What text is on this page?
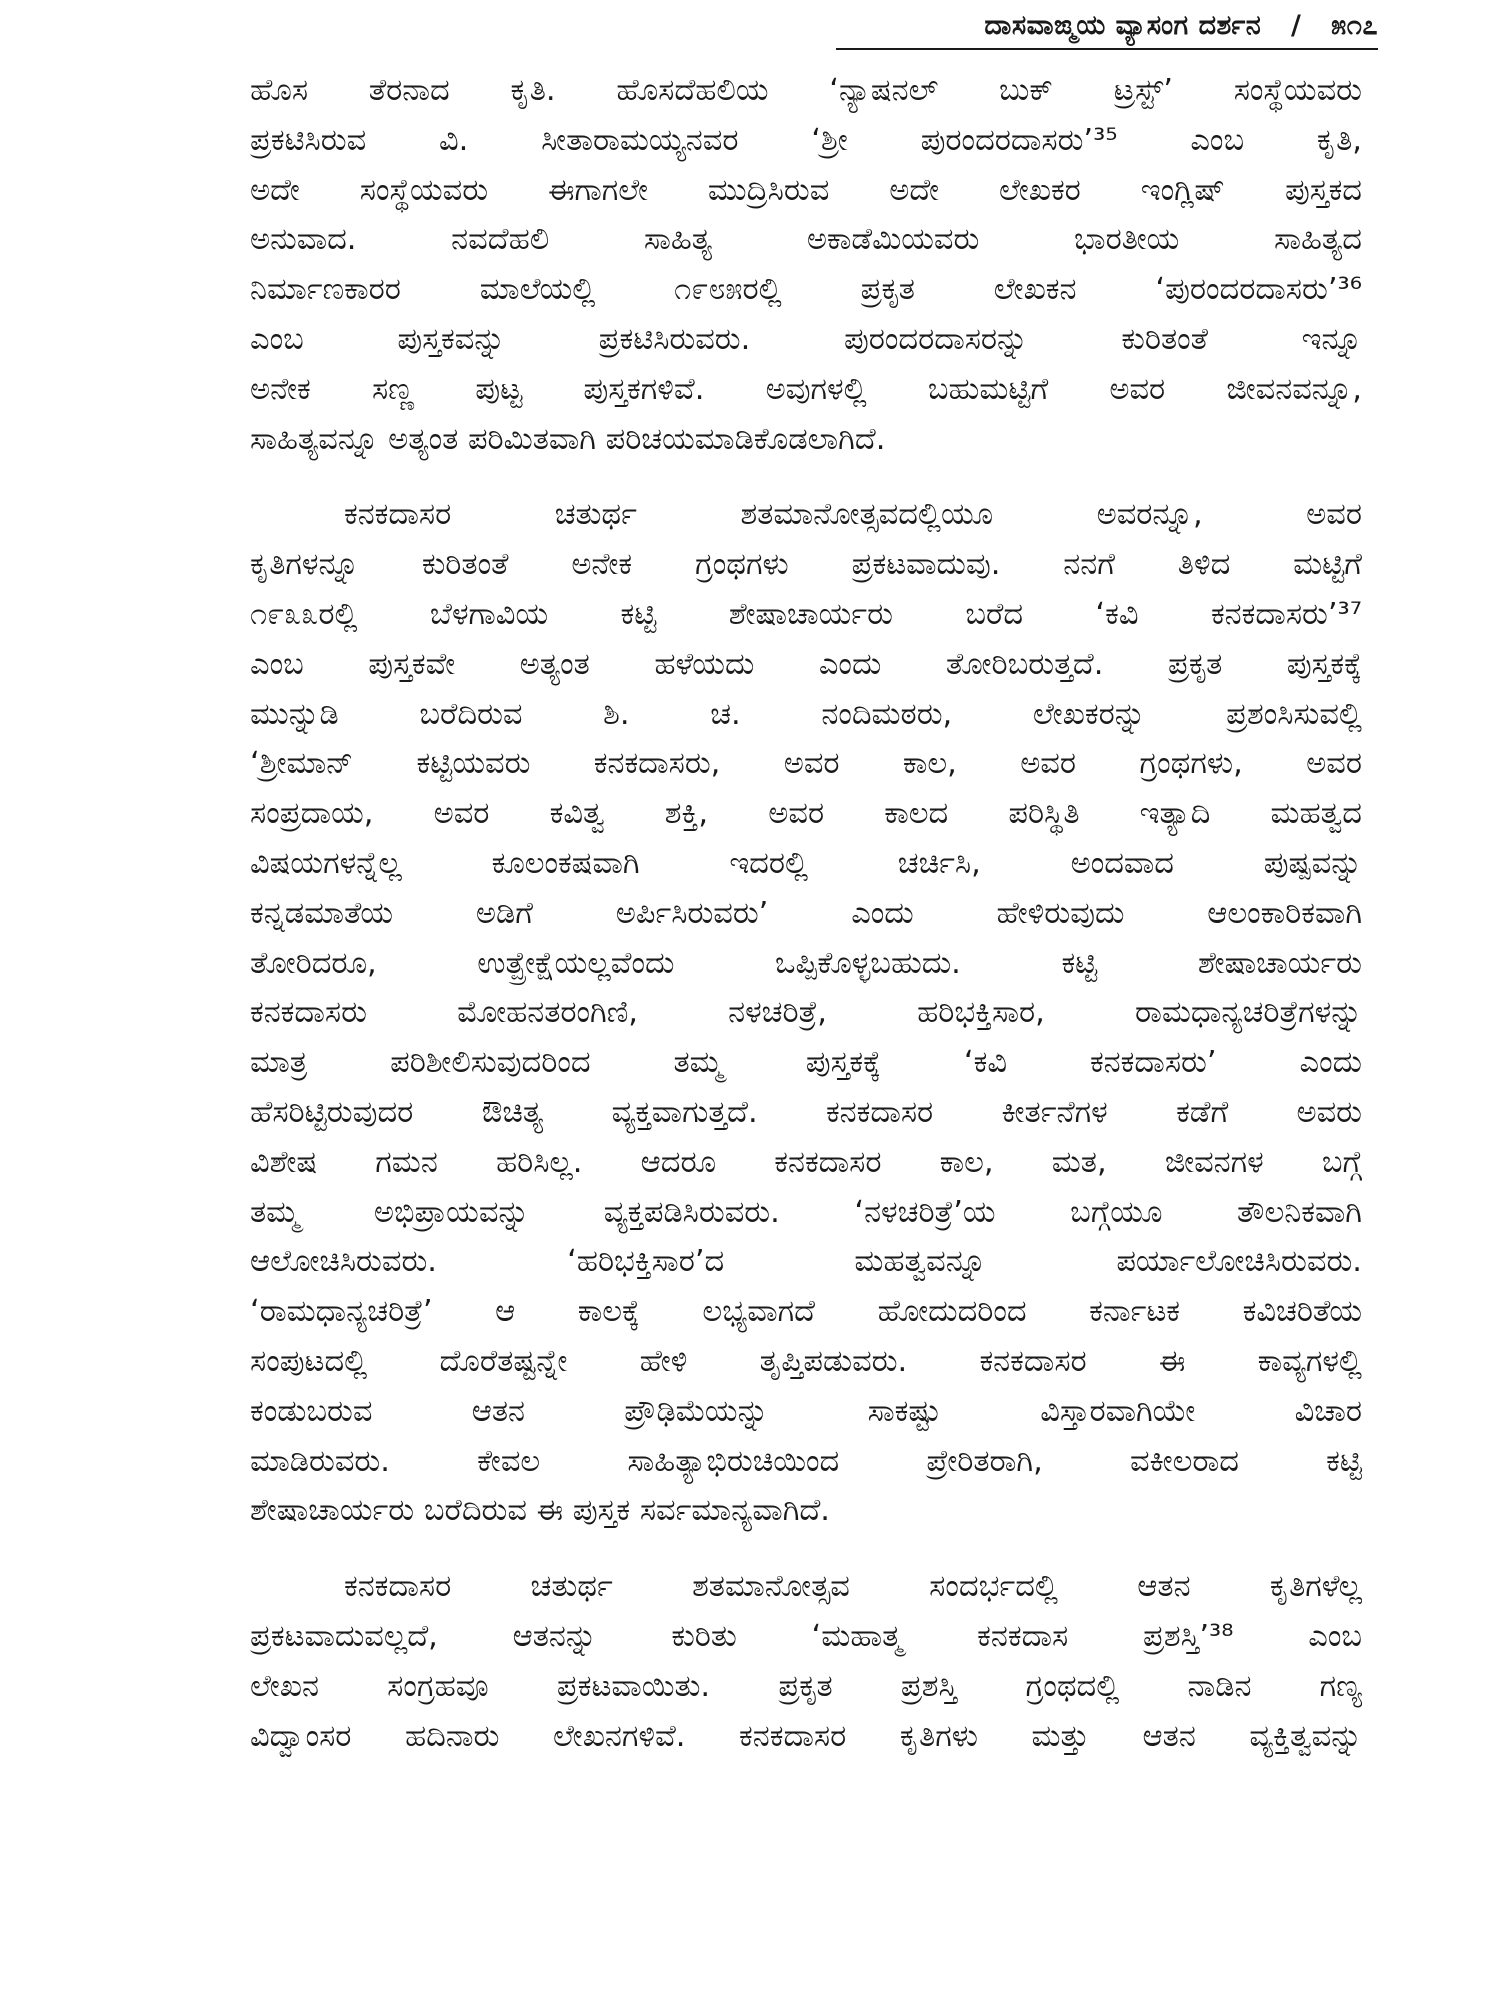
ದಾಸವಾಙ್ಮಯ ವ್ಯಾಸಂಗ ದರ್ಶನ / ೫೧೭
ಹೊಸ ತೆರನಾದ ಕೃತಿ. ಹೊಸದೆಹಲಿಯ ‘ನ್ಯಾಷನಲ್ ಬುಕ್ ಟ್ರಸ್ಟ್’ ಸಂಸ್ಥೆಯವರು
ಪ್ರಕಟಿಸಿರುವ ವಿ. ಸೀತಾರಾಮಯ್ಯನವರ ‘ಶ್ರೀ ಪುರಂದರದಾಸರು’³⁵ ಎಂಬ ಕೃತಿ,
ಅದೇ ಸಂಸ್ಥೆಯವರು ಈಗಾಗಲೇ ಮುದ್ರಿಸಿರುವ ಅದೇ ಲೇಖಕರ ಇಂಗ್ಲಿಷ್ ಪುಸ್ತಕದ
ಅನುವಾದ. ನವದೆಹಲಿ ಸಾಹಿತ್ಯ ಅಕಾಡೆಮಿಯವರು ಭಾರತೀಯ ಸಾಹಿತ್ಯದ
ನಿರ್ಮಾಣಕಾರರ ಮಾಲೆಯಲ್ಲಿ ೧೯೮೫ರಲ್ಲಿ ಪ್ರಕೃತ ಲೇಖಕನ ‘ಪುರಂದರದಾಸರು’³⁶
ಎಂಬ ಪುಸ್ತಕವನ್ನು ಪ್ರಕಟಿಸಿರುವರು. ಪುರಂದರದಾಸರನ್ನು ಕುರಿತಂತೆ ಇನ್ನೂ
ಅನೇಕ ಸಣ್ಣ ಪುಟ್ಟ ಪುಸ್ತಕಗಳಿವೆ. ಅವುಗಳಲ್ಲಿ ಬಹುಮಟ್ಟಿಗೆ ಅವರ ಜೀವನವನ್ನೂ,
ಸಾಹಿತ್ಯವನ್ನೂ ಅತ್ಯಂತ ಪರಿಮಿತವಾಗಿ ಪರಿಚಯಮಾಡಿಕೊಡಲಾಗಿದೆ.
ಕನಕದಾಸರ ಚತುರ್ಥ ಶತಮಾನೋತ್ಸವದಲ್ಲಿಯೂ ಅವರನ್ನೂ, ಅವರ
ಕೃತಿಗಳನ್ನೂ ಕುರಿತಂತೆ ಅನೇಕ ಗ್ರಂಥಗಳು ಪ್ರಕಟವಾದುವು. ನನಗೆ ತಿಳಿದ ಮಟ್ಟಿಗೆ
೧೯೩೩ರಲ್ಲಿ ಬೆಳಗಾವಿಯ ಕಟ್ಟಿ ಶೇಷಾಚಾರ್ಯರು ಬರೆದ ‘ಕವಿ ಕನಕದಾಸರು’³⁷
ಎಂಬ ಪುಸ್ತಕವೇ ಅತ್ಯಂತ ಹಳೆಯದು ಎಂದು ತೋರಿಬರುತ್ತದೆ. ಪ್ರಕೃತ ಪುಸ್ತಕಕ್ಕೆ
ಮುನ್ನುಡಿ ಬರೆದಿರುವ ಶಿ. ಚ. ನಂದಿಮಠರು, ಲೇಖಕರನ್ನು ಪ್ರಶಂಸಿಸುವಲ್ಲಿ
‘ಶ್ರೀಮಾನ್ ಕಟ್ಟಿಯವರು ಕನಕದಾಸರು, ಅವರ ಕಾಲ, ಅವರ ಗ್ರಂಥಗಳು, ಅವರ
ಸಂಪ್ರದಾಯ, ಅವರ ಕವಿತ್ವ ಶಕ್ತಿ, ಅವರ ಕಾಲದ ಪರಿಸ್ಥಿತಿ ಇತ್ಯಾದಿ ಮಹತ್ವದ
ವಿಷಯಗಳನ್ನೆಲ್ಲ ಕೂಲಂಕಷವಾಗಿ ಇದರಲ್ಲಿ ಚರ್ಚಿಸಿ, ಅಂದವಾದ ಪುಷ್ಪವನ್ನು
ಕನ್ನಡಮಾತೆಯ ಅಡಿಗೆ ಅರ್ಪಿಸಿರುವರು’ ಎಂದು ಹೇಳಿರುವುದು ಆಲಂಕಾರಿಕವಾಗಿ
ತೋರಿದರೂ, ಉತ್ಪ್ರೇಕ್ಷೆಯಲ್ಲವೆಂದು ಒಪ್ಪಿಕೊಳ್ಳಬಹುದು. ಕಟ್ಟಿ ಶೇಷಾಚಾರ್ಯರು
ಕನಕದಾಸರು ಮೋಹನತರಂಗಿಣಿ, ನಳಚರಿತ್ರೆ, ಹರಿಭಕ್ತಿಸಾರ, ರಾಮಧಾನ್ಯಚರಿತ್ರೆಗಳನ್ನು
ಮಾತ್ರ ಪರಿಶೀಲಿಸುವುದರಿಂದ ತಮ್ಮ ಪುಸ್ತಕಕ್ಕೆ ‘ಕವಿ ಕನಕದಾಸರು’ ಎಂದು
ಹೆಸರಿಟ್ಟಿರುವುದರ ಔಚಿತ್ಯ ವ್ಯಕ್ತವಾಗುತ್ತದೆ. ಕನಕದಾಸರ ಕೀರ್ತನೆಗಳ ಕಡೆಗೆ ಅವರು
ವಿಶೇಷ ಗಮನ ಹರಿಸಿಲ್ಲ. ಆದರೂ ಕನಕದಾಸರ ಕಾಲ, ಮತ, ಜೀವನಗಳ ಬಗ್ಗೆ
ತಮ್ಮ ಅಭಿಪ್ರಾಯವನ್ನು ವ್ಯಕ್ತಪಡಿಸಿರುವರು. ‘ನಳಚರಿತ್ರೆ’ಯ ಬಗ್ಗೆಯೂ ತೌಲನಿಕವಾಗಿ
ಆಲೋಚಿಸಿರುವರು. ‘ಹರಿಭಕ್ತಿಸಾರ’ದ ಮಹತ್ವವನ್ನೂ ಪರ್ಯಾಲೋಚಿಸಿರುವರು.
‘ರಾಮಧಾನ್ಯಚರಿತ್ರೆ’ ಆ ಕಾಲಕ್ಕೆ ಲಭ್ಯವಾಗದೆ ಹೋದುದರಿಂದ ಕರ್ನಾಟಕ ಕವಿಚರಿತೆಯ
ಸಂಪುಟದಲ್ಲಿ ದೊರೆತಷ್ಟನ್ನೇ ಹೇಳಿ ತೃಪ್ತಿಪಡುವರು. ಕನಕದಾಸರ ಈ ಕಾವ್ಯಗಳಲ್ಲಿ
ಕಂಡುಬರುವ ಆತನ ಪ್ರೌಢಿಮೆಯನ್ನು ಸಾಕಷ್ಟು ವಿಸ್ತಾರವಾಗಿಯೇ ವಿಚಾರ
ಮಾಡಿರುವರು. ಕೇವಲ ಸಾಹಿತ್ಯಾಭಿರುಚಿಯಿಂದ ಪ್ರೇರಿತರಾಗಿ, ವಕೀಲರಾದ ಕಟ್ಟಿ
ಶೇಷಾಚಾರ್ಯರು ಬರೆದಿರುವ ಈ ಪುಸ್ತಕ ಸರ್ವಮಾನ್ಯವಾಗಿದೆ.
ಕನಕದಾಸರ ಚತುರ್ಥ ಶತಮಾನೋತ್ಸವ ಸಂದರ್ಭದಲ್ಲಿ ಆತನ ಕೃತಿಗಳೆಲ್ಲ
ಪ್ರಕಟವಾದುವಲ್ಲದೆ, ಆತನನ್ನು ಕುರಿತು ‘ಮಹಾತ್ಮ ಕನಕದಾಸ ಪ್ರಶಸ್ತಿ’³⁸ ಎಂಬ
ಲೇಖನ ಸಂಗ್ರಹವೂ ಪ್ರಕಟವಾಯಿತು. ಪ್ರಕೃತ ಪ್ರಶಸ್ತಿ ಗ್ರಂಥದಲ್ಲಿ ನಾಡಿನ ಗಣ್ಯ
ವಿದ್ವಾಂಸರ ಹದಿನಾರು ಲೇಖನಗಳಿವೆ. ಕನಕದಾಸರ ಕೃತಿಗಳು ಮತ್ತು ಆತನ ವ್ಯಕ್ತಿತ್ವವನ್ನು
